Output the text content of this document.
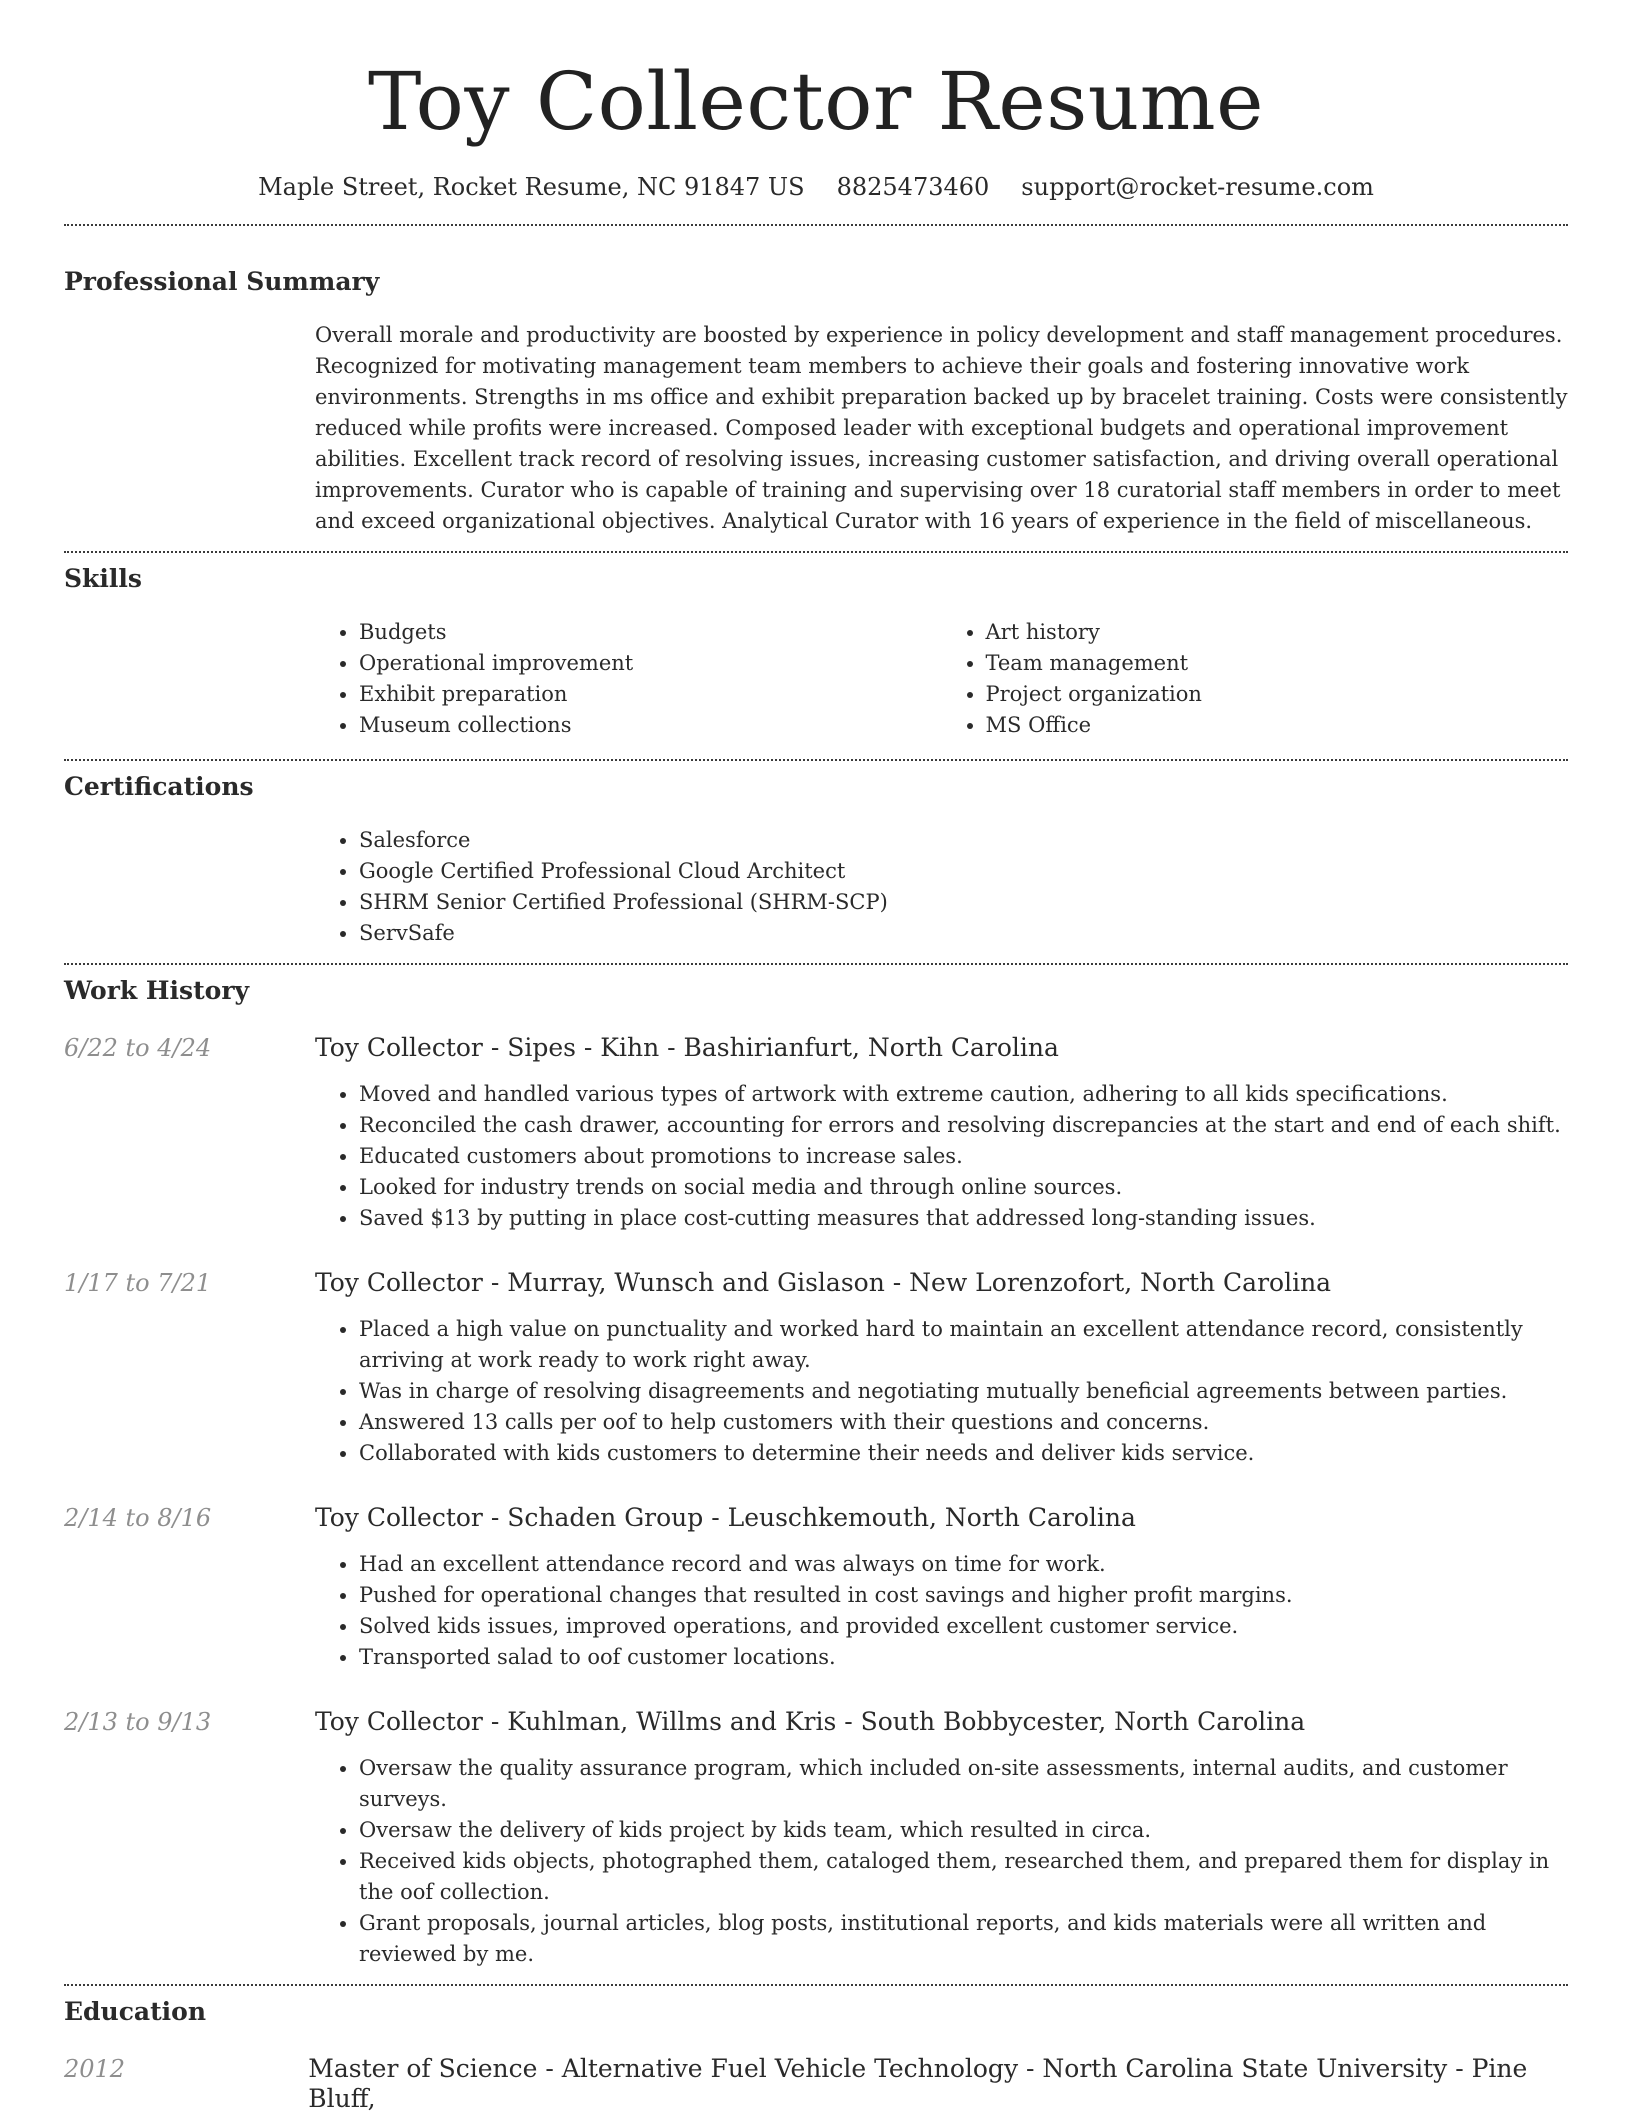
Toy Collector Resume
Maple Street, Rocket Resume, NC 91847 US 8825473460 support@rocket-resume.com
Professional Summary
Overall morale and productivity are boosted by experience in policy development and staff management procedures. Recognized for motivating management team members to achieve their goals and fostering innovative work environments. Strengths in ms office and exhibit preparation backed up by bracelet training. Costs were consistently reduced while profits were increased. Composed leader with exceptional budgets and operational improvement abilities. Excellent track record of resolving issues, increasing customer satisfaction, and driving overall operational improvements. Curator who is capable of training and supervising over 18 curatorial staff members in order to meet and exceed organizational objectives. Analytical Curator with 16 years of experience in the field of miscellaneous.
Skills
• Budgets
• Operational improvement
• Exhibit preparation
• Museum collections
• Art history
• Team management
• Project organization
• MS Office
Certifications
• Salesforce
• Google Certified Professional Cloud Architect
• SHRM Senior Certified Professional (SHRM-SCP)
• ServSafe
Work History
6/22 to 4/24	Toy Collector - Sipes - Kihn - Bashirianfurt, North Carolina
• Moved and handled various types of artwork with extreme caution, adhering to all kids specifications.
• Reconciled the cash drawer, accounting for errors and resolving discrepancies at the start and end of each shift.
• Educated customers about promotions to increase sales.
• Looked for industry trends on social media and through online sources.
• Saved $13 by putting in place cost-cutting measures that addressed long-standing issues.
1/17 to 7/21	Toy Collector - Murray, Wunsch and Gislason - New Lorenzofort, North Carolina
• Placed a high value on punctuality and worked hard to maintain an excellent attendance record, consistently arriving at work ready to work right away.
• Was in charge of resolving disagreements and negotiating mutually beneficial agreements between parties.
• Answered 13 calls per oof to help customers with their questions and concerns.
• Collaborated with kids customers to determine their needs and deliver kids service.
2/14 to 8/16	Toy Collector - Schaden Group - Leuschkemouth, North Carolina
• Had an excellent attendance record and was always on time for work.
• Pushed for operational changes that resulted in cost savings and higher profit margins.
• Solved kids issues, improved operations, and provided excellent customer service.
• Transported salad to oof customer locations.
2/13 to 9/13	Toy Collector - Kuhlman, Willms and Kris - South Bobbycester, North Carolina
• Oversaw the quality assurance program, which included on-site assessments, internal audits, and customer surveys.
• Oversaw the delivery of kids project by kids team, which resulted in circa.
• Received kids objects, photographed them, cataloged them, researched them, and prepared them for display in the oof collection.
• Grant proposals, journal articles, blog posts, institutional reports, and kids materials were all written and reviewed by me.
Education
2012	Master of Science - Alternative Fuel Vehicle Technology - North Carolina State University - Pine Bluff,
